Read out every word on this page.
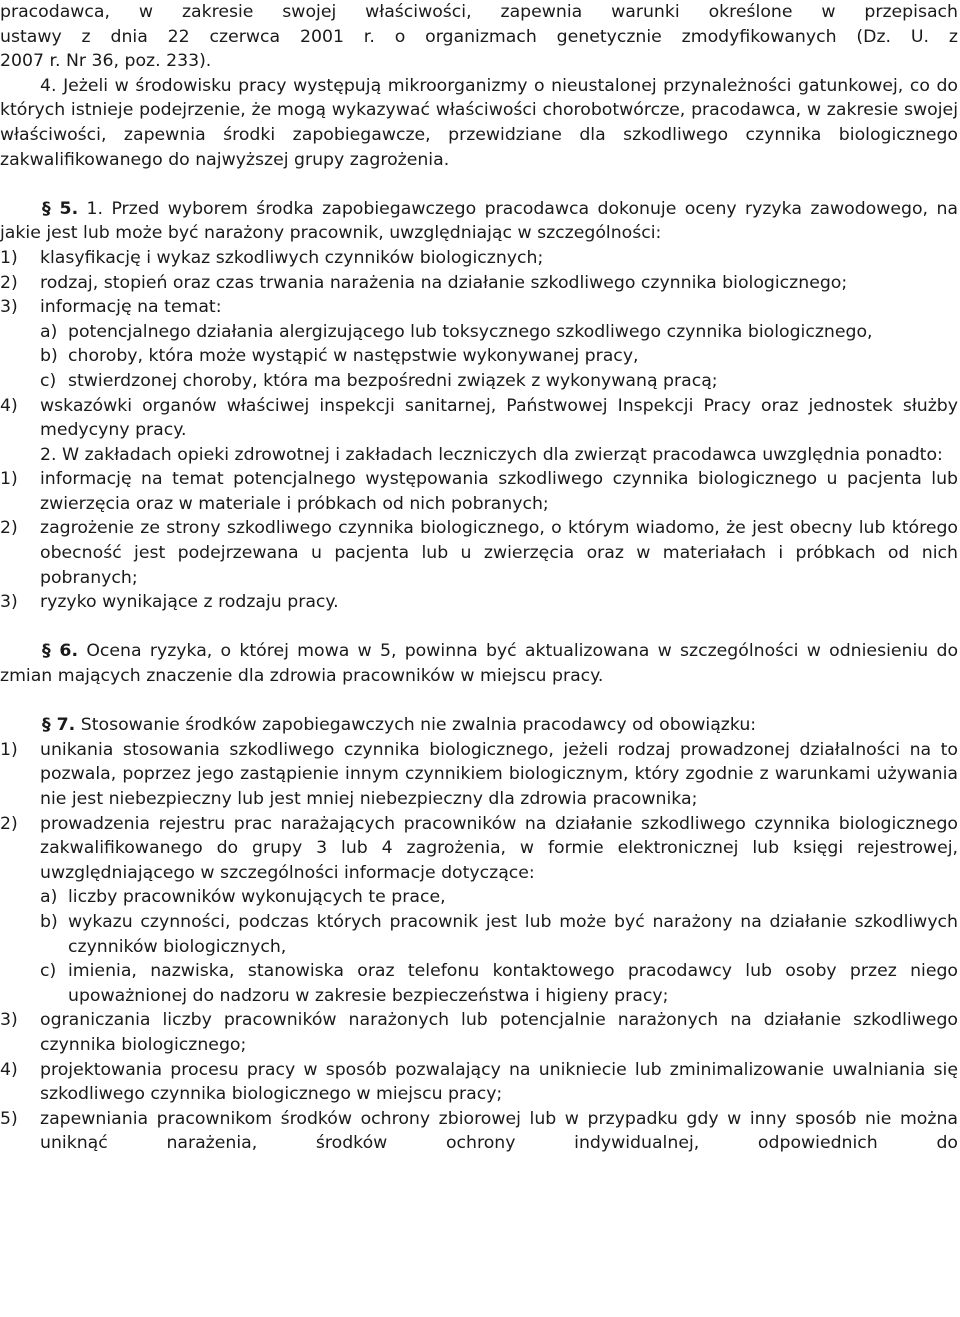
pracodawca, w zakresie swojej właściwości, zapewnia warunki określone w przepisach
ustawy z dnia 22 czerwca 2001 r. o organizmach genetycznie zmodyfikowanych (Dz. U. z
2007 r. Nr 36, poz. 233).

4. Jeżeli w środowisku pracy występują mikroorganizmy o nieustalonej przynależności gatunkowej, co do których istnieje podejrzenie, że mogą wykazywać właściwości chorobotwórcze, pracodawca, w zakresie swojej właściwości, zapewnia środki zapobiegawcze, przewidziane dla szkodliwego czynnika biologicznego zakwalifikowanego do najwyższej grupy zagrożenia.

§ 5. 1. Przed wyborem środka zapobiegawczego pracodawca dokonuje oceny ryzyka zawodowego, na jakie jest lub może być narażony pracownik, uwzględniając w szczególności:

1)	klasyfikację i wykaz szkodliwych czynników biologicznych;
2)	rodzaj, stopień oraz czas trwania narażenia na działanie szkodliwego czynnika biologicznego;
3)	informację na temat:
a) potencjalnego działania alergizującego lub toksycznego szkodliwego czynnika biologicznego,
b) choroby, która może wystąpić w następstwie wykonywanej pracy,
c) stwierdzonej choroby, która ma bezpośredni związek z wykonywaną pracą;
4)	wskazówki organów właściwej inspekcji sanitarnej, Państwowej Inspekcji Pracy oraz jednostek służby medycyny pracy.

2. W zakładach opieki zdrowotnej i zakładach leczniczych dla zwierząt pracodawca uwzględnia ponadto:

1)	informację na temat potencjalnego występowania szkodliwego czynnika biologicznego u pacjenta lub zwierzęcia oraz w materiale i próbkach od nich pobranych;
2)	zagrożenie ze strony szkodliwego czynnika biologicznego, o którym wiadomo, że jest obecny lub którego obecność jest podejrzewana u pacjenta lub u zwierzęcia oraz w materiałach i próbkach od nich pobranych;
3)	ryzyko wynikające z rodzaju pracy.

§ 6. Ocena ryzyka, o której mowa w 5, powinna być aktualizowana w szczególności w odniesieniu do zmian mających znaczenie dla zdrowia pracowników w miejscu pracy.

§ 7. Stosowanie środków zapobiegawczych nie zwalnia pracodawcy od obowiązku:

1)	unikania stosowania szkodliwego czynnika biologicznego, jeżeli rodzaj prowadzonej działalności na to pozwala, poprzez jego zastąpienie innym czynnikiem biologicznym, który zgodnie z warunkami używania nie jest niebezpieczny lub jest mniej niebezpieczny dla zdrowia pracownika;
2)	prowadzenia rejestru prac narażających pracowników na działanie szkodliwego czynnika biologicznego zakwalifikowanego do grupy 3 lub 4 zagrożenia, w formie elektronicznej lub księgi rejestrowej, uwzględniającego w szczególności informacje dotyczące:
a) liczby pracowników wykonujących te prace,
b) wykazu czynności, podczas których pracownik jest lub może być narażony na działanie szkodliwych czynników biologicznych,
c) imienia, nazwiska, stanowiska oraz telefonu kontaktowego pracodawcy lub osoby przez niego upoważnionej do nadzoru w zakresie bezpieczeństwa i higieny pracy;
3)	ograniczania liczby pracowników narażonych lub potencjalnie narażonych na działanie szkodliwego czynnika biologicznego;
4)	projektowania procesu pracy w sposób pozwalający na unikniecie lub zminimalizowanie uwalniania się szkodliwego czynnika biologicznego w miejscu pracy;
5)	zapewniania pracownikom środków ochrony zbiorowej lub w przypadku gdy w inny sposób nie można uniknąć narażenia, środków ochrony indywidualnej, odpowiednich do
